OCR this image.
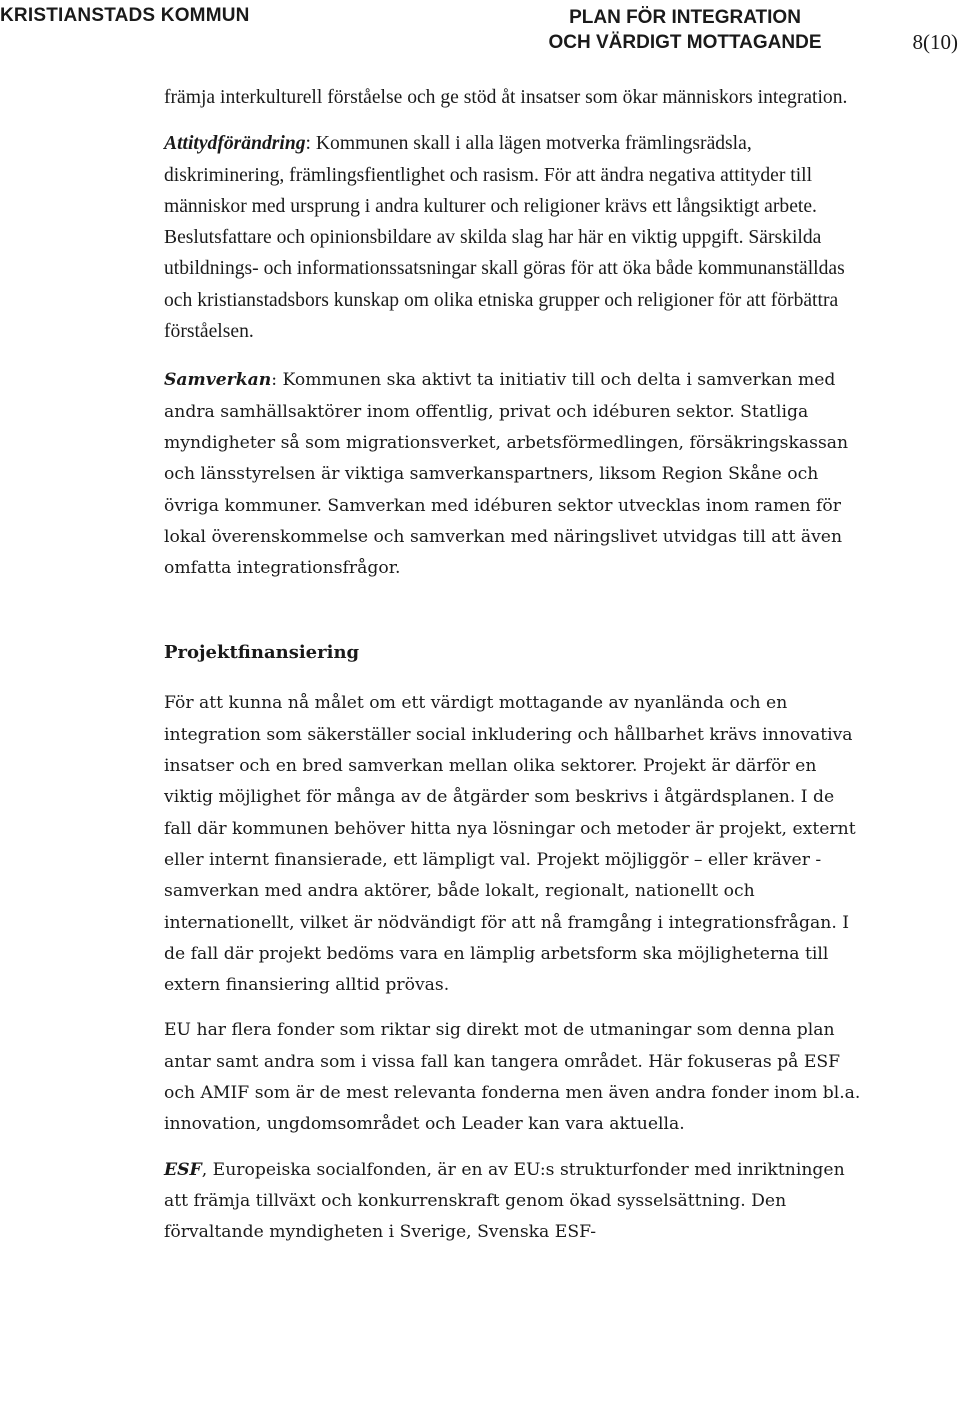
KRISTIANSTADS KOMMUN	PLAN FÖR INTEGRATION
OCH VÄRDIGT MOTTAGANDE	8(10)

främja interkulturell förståelse och ge stöd åt insatser som ökar människors integration.

Attitydförändring: Kommunen skall i alla lägen motverka främlingsrädsla, diskriminering, främlingsfientlighet och rasism. För att ändra negativa attityder till människor med ursprung i andra kulturer och religioner krävs ett långsiktigt arbete. Beslutsfattare och opinionsbildare av skilda slag har här en viktig uppgift. Särskilda utbildnings- och informationssatsningar skall göras för att öka både kommunanställdas och kristianstadsbors kunskap om olika etniska grupper och religioner för att förbättra förståelsen.

Samverkan: Kommunen ska aktivt ta initiativ till och delta i samverkan med andra samhällsaktörer inom offentlig, privat och idéburen sektor. Statliga myndigheter så som migrationsverket, arbetsförmedlingen, försäkringskassan och länsstyrelsen är viktiga samverkanspartners, liksom Region Skåne och övriga kommuner. Samverkan med idéburen sektor utvecklas inom ramen för lokal överenskommelse och samverkan med näringslivet utvidgas till att även omfatta integrationsfrågor.

Projektfinansiering

För att kunna nå målet om ett värdigt mottagande av nyanlända och en integration som säkerställer social inkludering och hållbarhet krävs innovativa insatser och en bred samverkan mellan olika sektorer. Projekt är därför en viktig möjlighet för många av de åtgärder som beskrivs i åtgärdsplanen. I de fall där kommunen behöver hitta nya lösningar och metoder är projekt, externt eller internt finansierade, ett lämpligt val. Projekt möjliggör – eller kräver - samverkan med andra aktörer, både lokalt, regionalt, nationellt och internationellt, vilket är nödvändigt för att nå framgång i integrationsfrågan. I de fall där projekt bedöms vara en lämplig arbetsform ska möjligheterna till extern finansiering alltid prövas.

EU har flera fonder som riktar sig direkt mot de utmaningar som denna plan antar samt andra som i vissa fall kan tangera området. Här fokuseras på ESF och AMIF som är de mest relevanta fonderna men även andra fonder inom bl.a. innovation, ungdomsområdet och Leader kan vara aktuella.

ESF, Europeiska socialfonden, är en av EU:s strukturfonder med inriktningen att främja tillväxt och konkurrenskraft genom ökad sysselsättning. Den förvaltande myndigheten i Sverige, Svenska ESF-
